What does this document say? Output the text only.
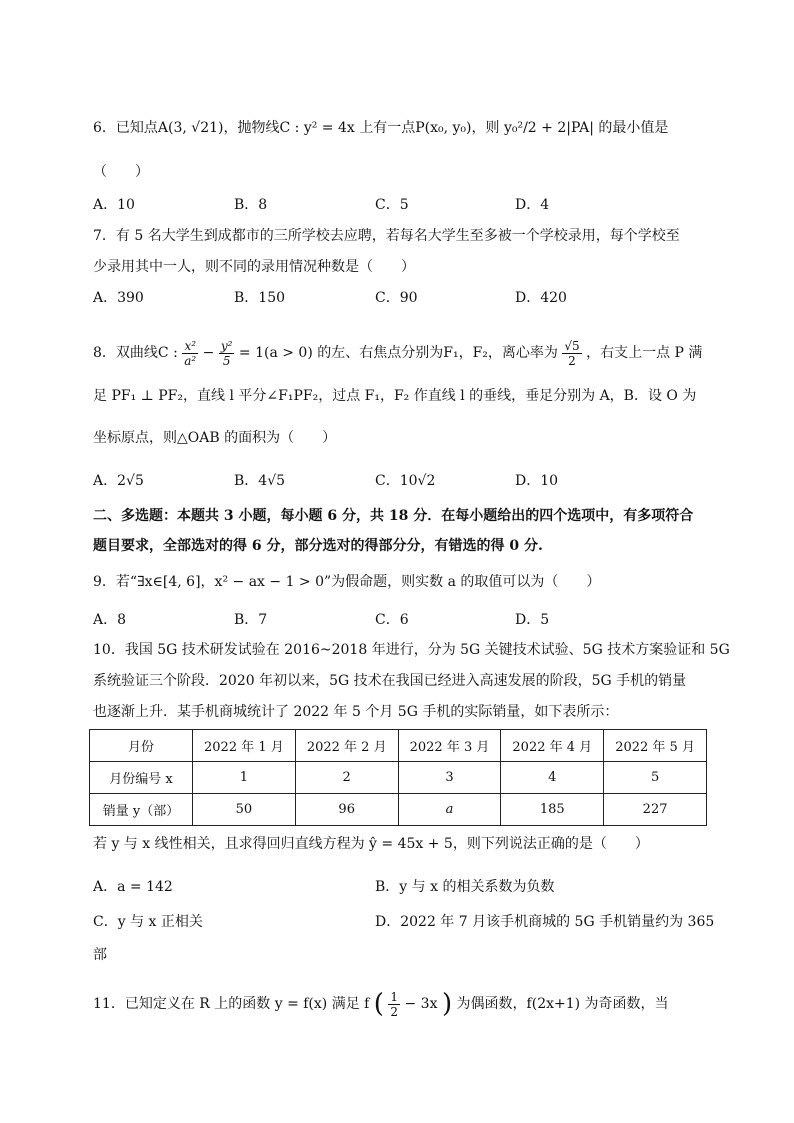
6．已知点A(3, √21)，抛物线C : y² = 4x 上有一点P(x₀, y₀)，则 y₀²/2 + 2|PA| 的最小值是
（　　）
A．10	B．8	C．5	D．4
7．有 5 名大学生到成都市的三所学校去应聘，若每名大学生至多被一个学校录用，每个学校至
少录用其中一人，则不同的录用情况种数是（　　）
A．390	B．150	C．90	D．420
8．双曲线C : $\frac{\text{x²}}{\text{a²}} - \frac{\text{y²}}{5} = 1(a > 0)$ 的左、右焦点分别为F₁，F₂，离心率为 $\frac{√5}{2}$ ，右支上一点 P 满
足 PF₁ ⊥ PF₂，直线 l 平分∠F₁PF₂，过点 F₁，F₂ 作直线 l 的垂线，垂足分别为 A，B．设 O 为
坐标原点，则△OAB 的面积为（　　）
A．2√5	B．4√5	C．10√2	D．10
二、多选题：本题共 3 小题，每小题 6 分，共 18 分．在每小题给出的四个选项中，有多项符合
题目要求，全部选对的得 6 分，部分选对的得部分分，有错选的得 0 分.
9．若“∃x∈[4, 6]，x² − ax − 1 > 0”为假命题，则实数 a 的取值可以为（　　）
A．8	B．7	C．6	D．5
10．我国 5G 技术研发试验在 2016~2018 年进行，分为 5G 关键技术试验、5G 技术方案验证和 5G
系统验证三个阶段．2020 年初以来，5G 技术在我国已经进入高速发展的阶段，5G 手机的销量
也逐渐上升．某手机商城统计了 2022 年 5 个月 5G 手机的实际销量，如下表所示：
月份	2022 年 1 月	2022 年 2 月	2022 年 3 月	2022 年 4 月	2022 年 5 月
月份编号 x	1	2	3	4	5
销量 y（部）	50	96	a	185	227
若 y 与 x 线性相关，且求得回归直线方程为 ŷ = 45x + 5，则下列说法正确的是（　　）
A．a = 142	B．y 与 x 的相关系数为负数
C．y 与 x 正相关	D．2022 年 7 月该手机商城的 5G 手机销量约为 365
部
11．已知定义在 R 上的函数 y = f(x) 满足 f ( $\frac{1}{2} - 3x$ ) 为偶函数，f(2x+1) 为奇函数，当
